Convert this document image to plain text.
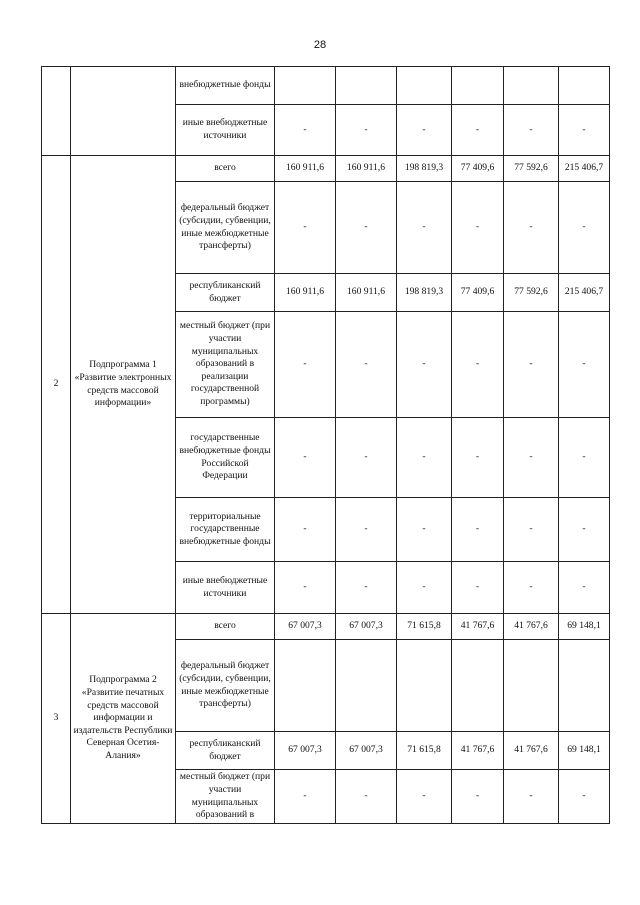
28
		внебюджетные фонды						
		иные внебюджетные источники	-	-	-	-	-	-
2	Подпрограмма 1 «Развитие электронных средств массовой информации»	всего	160 911,6	160 911,6	198 819,3	77 409,6	77 592,6	215 406,7
		федеральный бюджет (субсидии, субвенции, иные межбюджетные трансферты)	-	-	-	-	-	-
		республиканский бюджет	160 911,6	160 911,6	198 819,3	77 409,6	77 592,6	215 406,7
		местный бюджет (при участии муниципальных образований в реализации государственной программы)	-	-	-	-	-	-
		государственные внебюджетные фонды Российской Федерации	-	-	-	-	-	-
		территориальные государственные внебюджетные фонды	-	-	-	-	-	-
		иные внебюджетные источники	-	-	-	-	-	-
3	Подпрограмма 2 «Развитие печатных средств массовой информации и издательств Республики Северная Осетия-Алания»	всего	67 007,3	67 007,3	71 615,8	41 767,6	41 767,6	69 148,1
		федеральный бюджет (субсидии, субвенции, иные межбюджетные трансферты)						
		республиканский бюджет	67 007,3	67 007,3	71 615,8	41 767,6	41 767,6	69 148,1
		местный бюджет (при участии муниципальных образований в	-	-	-	-	-	-
